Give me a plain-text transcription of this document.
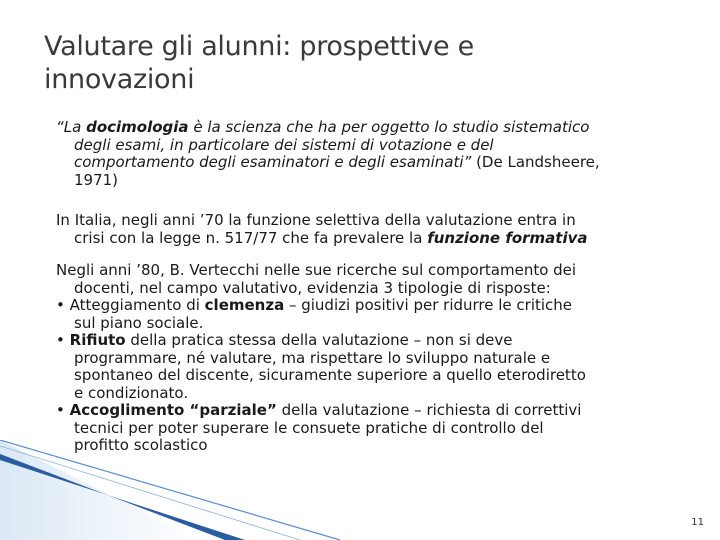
Valutare gli alunni: prospettive e
innovazioni
“La docimologia è la scienza che ha per oggetto lo studio sistematico
degli esami, in particolare dei sistemi di votazione e del
comportamento degli esaminatori e degli esaminati” (De Landsheere,
1971)
In Italia, negli anni ’70 la funzione selettiva della valutazione entra in
crisi con la legge n. 517/77 che fa prevalere la funzione formativa
Negli anni ’80, B. Vertecchi nelle sue ricerche sul comportamento dei
docenti, nel campo valutativo, evidenzia 3 tipologie di risposte:
• Atteggiamento di clemenza – giudizi positivi per ridurre le critiche
sul piano sociale.
• Rifiuto della pratica stessa della valutazione – non si deve
programmare, né valutare, ma rispettare lo sviluppo naturale e
spontaneo del discente, sicuramente superiore a quello eterodiretto
e condizionato.
• Accoglimento “parziale” della valutazione – richiesta di correttivi
tecnici per poter superare le consuete pratiche di controllo del
profitto scolastico
11
